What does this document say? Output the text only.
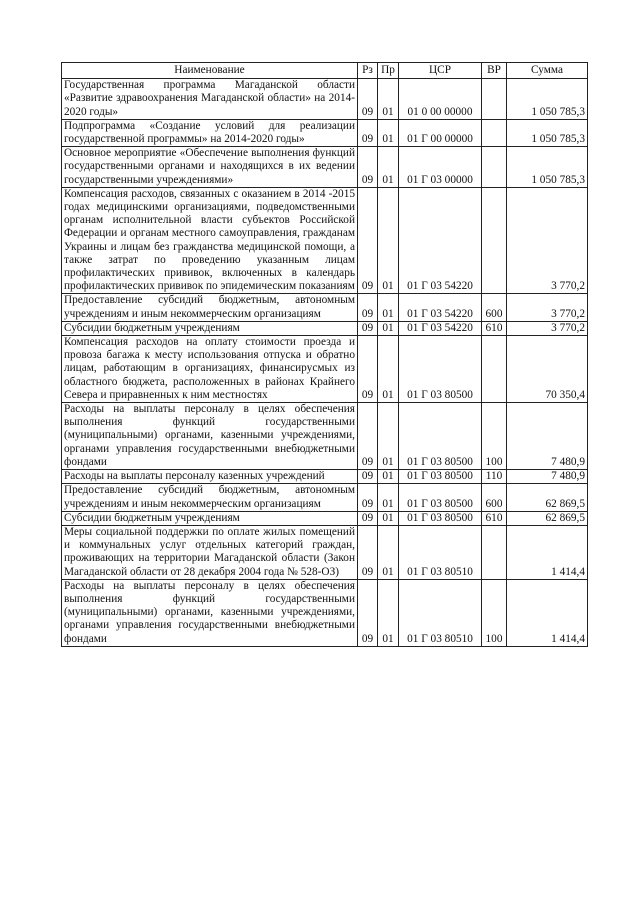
Наименование	Рз	Пр	ЦСР	ВР	Сумма
Государственная программа Магаданской области «Развитие здравоохранения Магаданской области» на 2014-2020 годы»	09	01	01 0 00 00000		1 050 785,3
Подпрограмма «Создание условий для реализации государственной программы» на 2014-2020 годы»	09	01	01 Г 00 00000		1 050 785,3
Основное мероприятие «Обеспечение выполнения функций государственными органами и находящихся в их ведении государственными учреждениями»	09	01	01 Г 03 00000		1 050 785,3
Компенсация расходов, связанных с оказанием в 2014 -2015 годах медицинскими организациями, подведомственными органам исполнительной власти субъектов Российской Федерации и органам местного самоуправления, гражданам Украины и лицам без гражданства медицинской помощи, а также затрат по проведению указанным лицам профилактических прививок, включенных в календарь профилактических прививок по эпидемическим показаниям	09	01	01 Г 03 54220		3 770,2
Предоставление субсидий бюджетным, автономным учреждениям и иным некоммерческим организациям	09	01	01 Г 03 54220	600	3 770,2
Субсидии бюджетным учреждениям	09	01	01 Г 03 54220	610	3 770,2
Компенсация расходов на оплату стоимости проезда и провоза багажа к месту использования отпуска и обратно лицам, работающим в организациях, финансирусмых из областного бюджета, расположенных в районах Крайнего Севера и приравненных к ним местностях	09	01	01 Г 03 80500		70 350,4
Расходы на выплаты персоналу в целях обеспечения выполнения функций государственными (муниципальными) органами, казенными учреждениями, органами управления государственными внебюджетными фондами	09	01	01 Г 03 80500	100	7 480,9
Расходы на выплаты персоналу казенных учреждений	09	01	01 Г 03 80500	110	7 480,9
Предоставление субсидий бюджетным, автономным учреждениям и иным некоммерческим организациям	09	01	01 Г 03 80500	600	62 869,5
Субсидии бюджетным учреждениям	09	01	01 Г 03 80500	610	62 869,5
Меры социальной поддержки по оплате жилых помещений и коммунальных услуг отдельных категорий граждан, проживающих на территории Магаданской области (Закон Магаданской области от 28 декабря 2004 года № 528-ОЗ)	09	01	01 Г 03 80510		1 414,4
Расходы на выплаты персоналу в целях обеспечения выполнения функций государственными (муниципальными) органами, казенными учреждениями, органами управления государственными внебюджетными фондами	09	01	01 Г 03 80510	100	1 414,4
